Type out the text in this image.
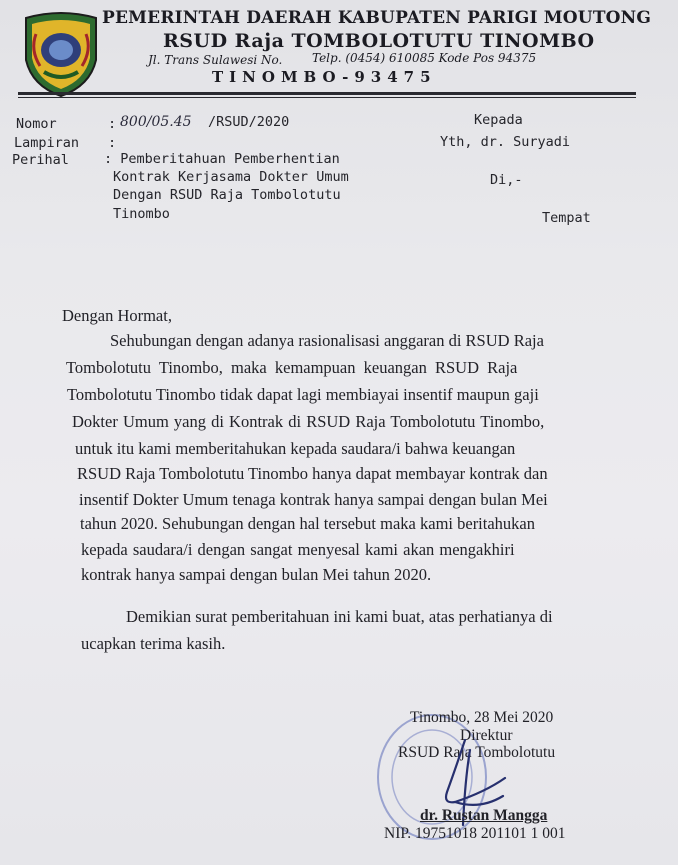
PEMERINTAH DAERAH KABUPATEN PARIGI MOUTONG
RSUD Raja TOMBOLOTUTU TINOMBO
Jl. Trans Sulawesi No. Telp. (0454) 610085 Kode Pos 94375
TINOMBO-93475
Nomor	: 800/05.45 /RSUD/2020
Lampiran :
Perihal	: Pemberitahuan Pemberhentian
Kontrak Kerjasama Dokter Umum
Dengan RSUD Raja Tombolotutu
Tinombo
Kepada
Yth, dr. Suryadi
Di,-
Tempat
Dengan Hormat,
Sehubungan dengan adanya rasionalisasi anggaran di RSUD Raja
Tombolotutu Tinombo, maka kemampuan keuangan RSUD Raja
Tombolotutu Tinombo tidak dapat lagi membiayai insentif maupun gaji
Dokter Umum yang di Kontrak di RSUD Raja Tombolotutu Tinombo,
untuk itu kami memberitahukan kepada saudara/i bahwa keuangan
RSUD Raja Tombolotutu Tinombo hanya dapat membayar kontrak dan
insentif Dokter Umum tenaga kontrak hanya sampai dengan bulan Mei
tahun 2020. Sehubungan dengan hal tersebut maka kami beritahukan
kepada saudara/i dengan sangat menyesal kami akan mengakhiri
kontrak hanya sampai dengan bulan Mei tahun 2020.
Demikian surat pemberitahuan ini kami buat, atas perhatianya di
ucapkan terima kasih.
Tinombo, 28 Mei 2020
Direktur
RSUD Raja Tombolotutu
dr. Rustan Mangga
NIP. 19751018 201101 1 001
